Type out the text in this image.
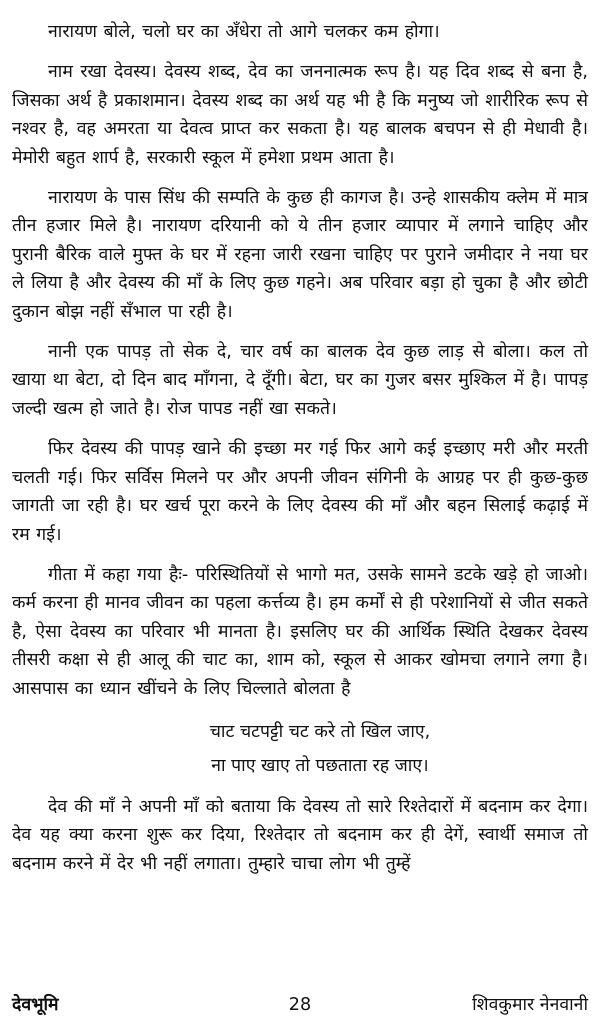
नारायण बोले, चलो घर का अँधेरा तो आगे चलकर कम होगा।

नाम रखा देवस्य। देवस्य शब्द, देव का जननात्मक रूप है। यह दिव शब्द से बना है, जिसका अर्थ है प्रकाशमान। देवस्य शब्द का अर्थ यह भी है कि मनुष्य जो शारीरिक रूप से नश्वर है, वह अमरता या देवत्व प्राप्त कर सकता है। यह बालक बचपन से ही मेधावी है। मेमोरी बहुत शार्प है, सरकारी स्कूल में हमेशा प्रथम आता है।

नारायण के पास सिंध की सम्पति के कुछ ही कागज है। उन्हे शासकीय क्लेम में मात्र तीन हजार मिले है। नारायण दरियानी को ये तीन हजार व्यापार में लगाने चाहिए और पुरानी बैरिक वाले मुफ्त के घर में रहना जारी रखना चाहिए पर पुराने जमीदार ने नया घर ले लिया है और देवस्य की माँ के लिए कुछ गहने। अब परिवार बड़ा हो चुका है और छोटी दुकान बोझ नहीं सँभाल पा रही है।

नानी एक पापड़ तो सेक दे, चार वर्ष का बालक देव कुछ लाड़ से बोला। कल तो खाया था बेटा, दो दिन बाद माँगना, दे दूँगी। बेटा, घर का गुजर बसर मुश्किल में है। पापड़ जल्दी खत्म हो जाते है। रोज पापड नहीं खा सकते।

फिर देवस्य की पापड़ खाने की इच्छा मर गई फिर आगे कई इच्छाए मरी और मरती चलती गई। फिर सर्विस मिलने पर और अपनी जीवन संगिनी के आग्रह पर ही कुछ-कुछ जागती जा रही है। घर खर्च पूरा करने के लिए देवस्य की माँ और बहन सिलाई कढ़ाई में रम गई।

गीता में कहा गया हैः- परिस्थितियों से भागो मत, उसके सामने डटके खड़े हो जाओ। कर्म करना ही मानव जीवन का पहला कर्त्तव्य है। हम कर्मों से ही परेशानियों से जीत सकते है, ऐसा देवस्य का परिवार भी मानता है। इसलिए घर की आर्थिक स्थिति देखकर देवस्य तीसरी कक्षा से ही आलू की चाट का, शाम को, स्कूल से आकर खोमचा लगाने लगा है। आसपास का ध्यान खींचने के लिए चिल्लाते बोलता है

चाट चटपट्टी चट करे तो खिल जाए,
ना पाए खाए तो पछताता रह जाए।

देव की माँ ने अपनी माँ को बताया कि देवस्य तो सारे रिश्तेदारों में बदनाम कर देगा। देव यह क्या करना शुरू कर दिया, रिश्तेदार तो बदनाम कर ही देगें, स्वार्थी समाज तो बदनाम करने में देर भी नहीं लगाता। तुम्हारे चाचा लोग भी तुम्हें

देवभूमि	28	शिवकुमार नेनवानी
